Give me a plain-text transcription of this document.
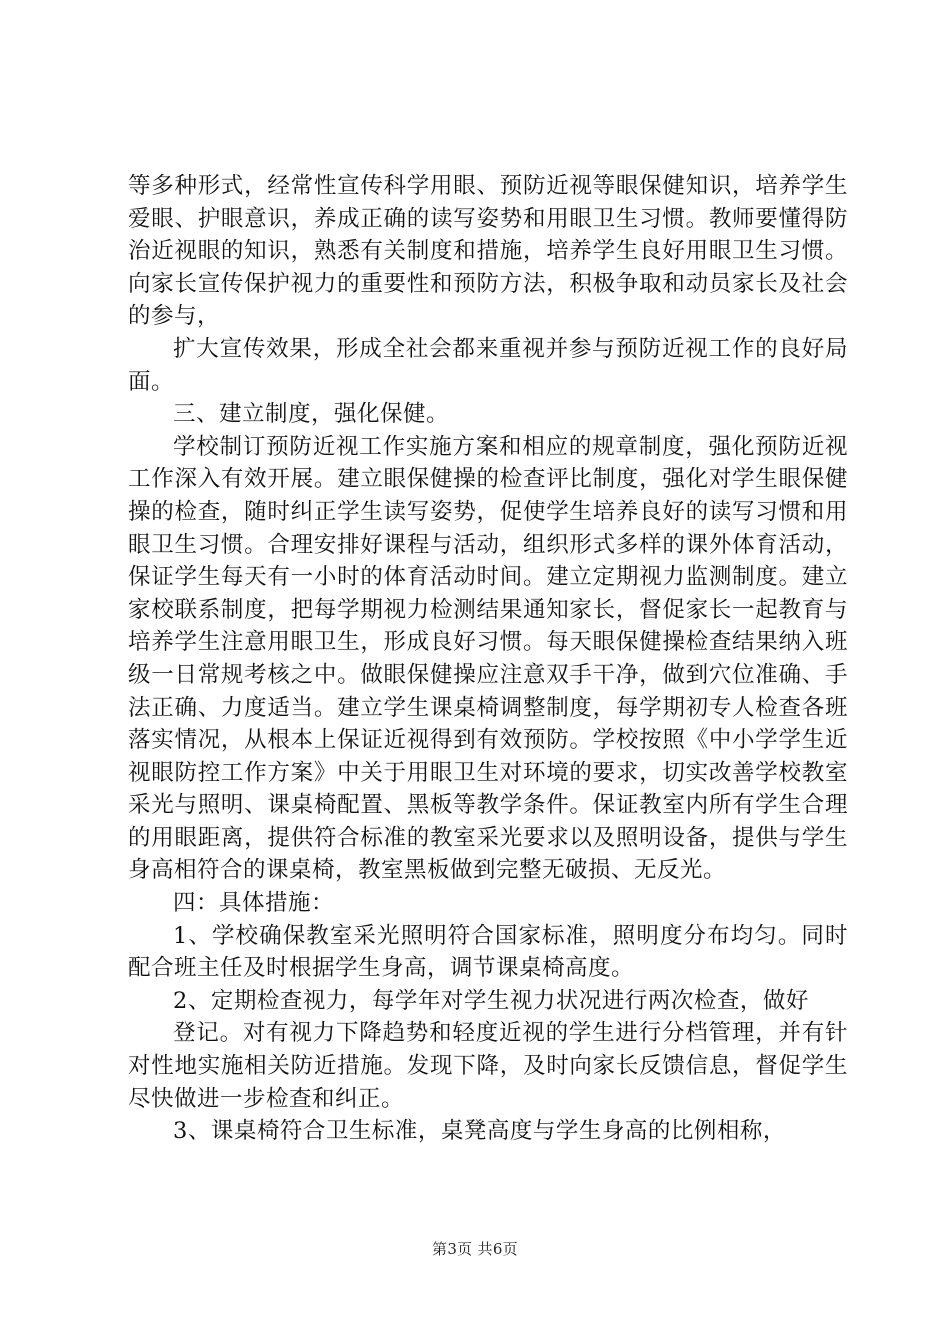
等多种形式，经常性宣传科学用眼、预防近视等眼保健知识，培养学生爱眼、护眼意识，养成正确的读写姿势和用眼卫生习惯。教师要懂得防治近视眼的知识，熟悉有关制度和措施，培养学生良好用眼卫生习惯。向家长宣传保护视力的重要性和预防方法，积极争取和动员家长及社会的参与，

扩大宣传效果，形成全社会都来重视并参与预防近视工作的良好局面。

三、建立制度，强化保健。

学校制订预防近视工作实施方案和相应的规章制度，强化预防近视工作深入有效开展。建立眼保健操的检查评比制度，强化对学生眼保健操的检查，随时纠正学生读写姿势，促使学生培养良好的读写习惯和用眼卫生习惯。合理安排好课程与活动，组织形式多样的课外体育活动，保证学生每天有一小时的体育活动时间。建立定期视力监测制度。建立家校联系制度，把每学期视力检测结果通知家长，督促家长一起教育与培养学生注意用眼卫生，形成良好习惯。每天眼保健操检查结果纳入班级一日常规考核之中。做眼保健操应注意双手干净，做到穴位准确、手法正确、力度适当。建立学生课桌椅调整制度，每学期初专人检查各班落实情况，从根本上保证近视得到有效预防。学校按照《中小学学生近视眼防控工作方案》中关于用眼卫生对环境的要求，切实改善学校教室采光与照明、课桌椅配置、黑板等教学条件。保证教室内所有学生合理的用眼距离，提供符合标准的教室采光要求以及照明设备，提供与学生身高相符合的课桌椅，教室黑板做到完整无破损、无反光。

四：具体措施：

1、学校确保教室采光照明符合国家标准，照明度分布均匀。同时配合班主任及时根据学生身高，调节课桌椅高度。

2、定期检查视力，每学年对学生视力状况进行两次检查，做好

登记。对有视力下降趋势和轻度近视的学生进行分档管理，并有针对性地实施相关防近措施。发现下降，及时向家长反馈信息，督促学生尽快做进一步检查和纠正。

3、课桌椅符合卫生标准，桌凳高度与学生身高的比例相称，

第3页 共6页
